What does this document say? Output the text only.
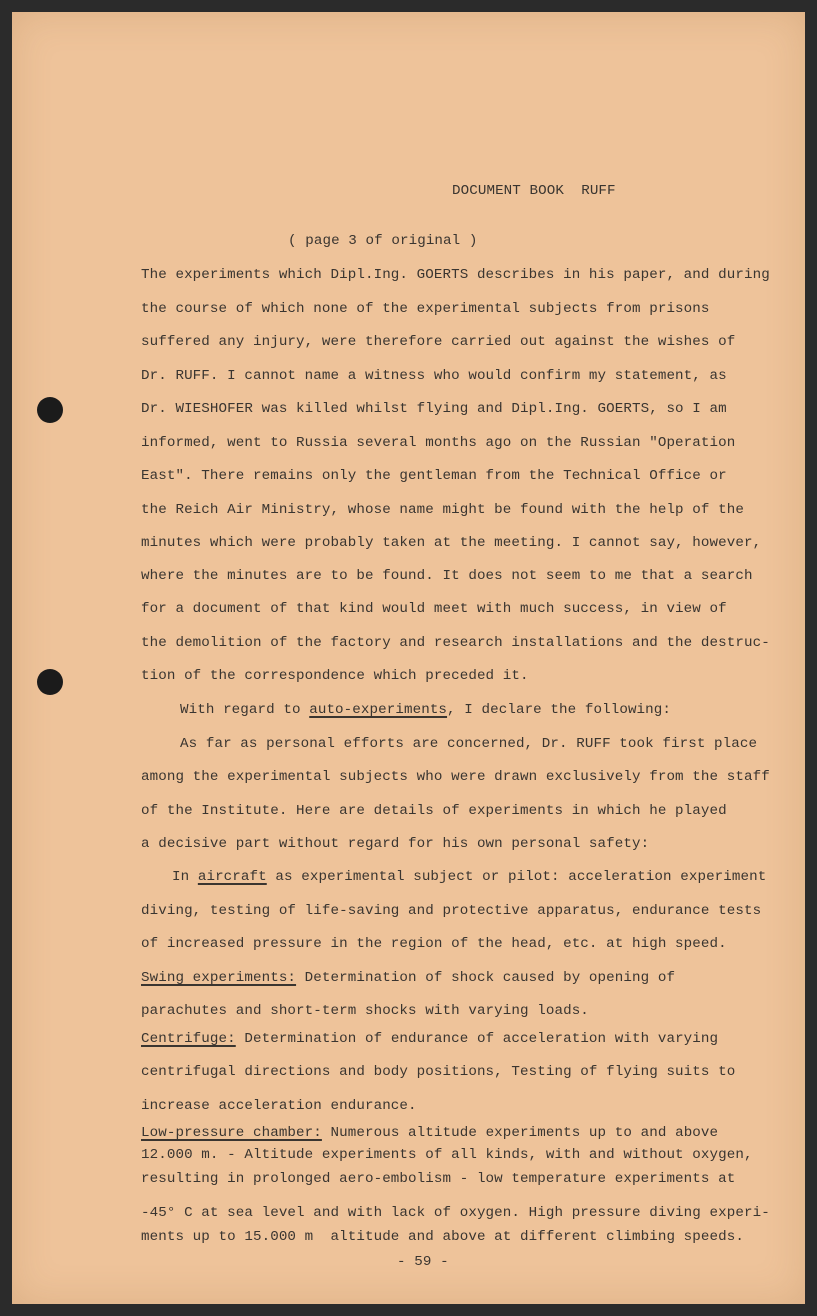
DOCUMENT BOOK  RUFF
( page 3 of original )
The experiments which Dipl.Ing. GOERTS describes in his paper, and during
the course of which none of the experimental subjects from prisons
suffered any injury, were therefore carried out against the wishes of
Dr. RUFF. I cannot name a witness who would confirm my statement, as
Dr. WIESHOFER was killed whilst flying and Dipl.Ing. GOERTS, so I am
informed, went to Russia several months ago on the Russian "Operation
East". There remains only the gentleman from the Technical Office or
the Reich Air Ministry, whose name might be found with the help of the
minutes which were probably taken at the meeting. I cannot say, however,
where the minutes are to be found. It does not seem to me that a search
for a document of that kind would meet with much success, in view of
the demolition of the factory and research installations and the destruc-
tion of the correspondence which preceded it.
With regard to auto-experiments, I declare the following:
As far as personal efforts are concerned, Dr. RUFF took first place
among the experimental subjects who were drawn exclusively from the staff
of the Institute. Here are details of experiments in which he played
a decisive part without regard for his own personal safety:
In aircraft as experimental subject or pilot: acceleration experiment
diving, testing of life-saving and protective apparatus, endurance tests
of increased pressure in the region of the head, etc. at high speed.
Swing experiments: Determination of shock caused by opening of
parachutes and short-term shocks with varying loads.
Centrifuge: Determination of endurance of acceleration with varying
centrifugal directions and body positions, Testing of flying suits to
increase acceleration endurance.
Low-pressure chamber: Numerous altitude experiments up to and above
12.000 m. - Altitude experiments of all kinds, with and without oxygen,
resulting in prolonged aero-embolism - low temperature experiments at
-45° C at sea level and with lack of oxygen. High pressure diving experi-
ments up to 15.000 m  altitude and above at different climbing speeds.
- 59 -
